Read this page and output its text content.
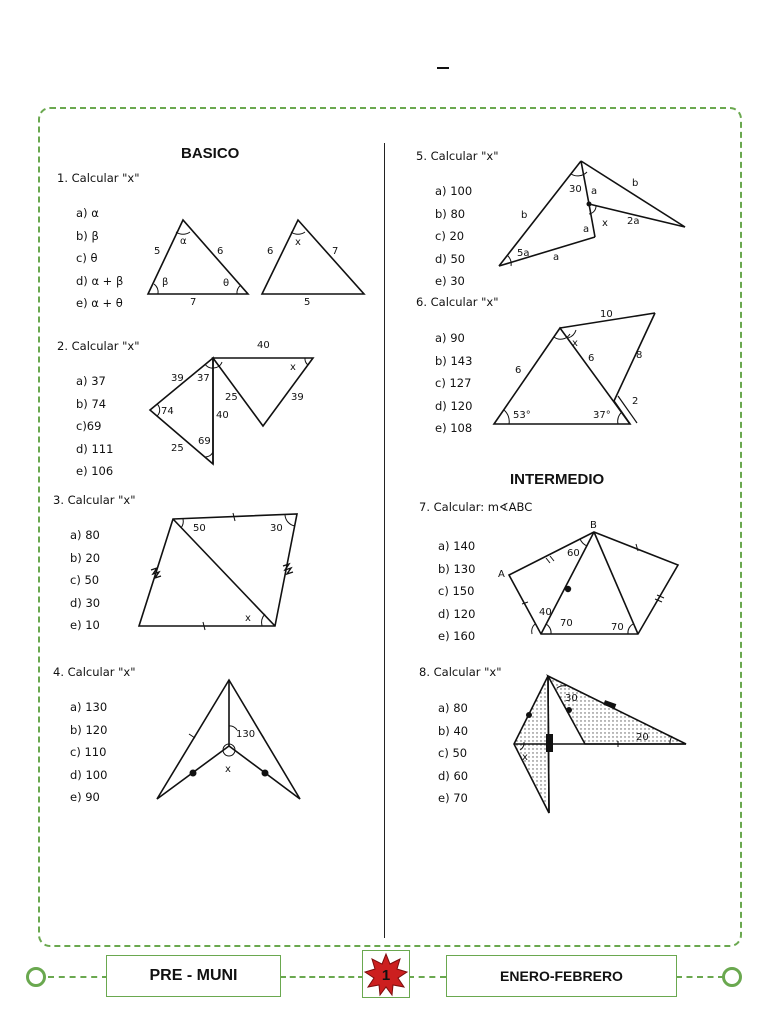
BASICO
INTERMEDIO
1. Calcular "x"
a) α
b) β
c) θ
d) α + β
e) α + θ
5	6
7
α
β	θ
6	7
5
x
2. Calcular "x"
a) 37
b) 74
c)69
d) 111
e) 106
40
39 37
74
25
40
69
25
39
x
3. Calcular "x"
a) 80
b) 20
c) 50
d) 30
e) 10
50	30
x
4. Calcular "x"
a) 130
b) 120
c) 110
d) 100
e) 90
130
x
5. Calcular "x"
a) 100
b) 80
c) 20
d) 50
e) 30
30 a
b
b
x 2a
a
5a a
6. Calcular "x"
a) 90
b) 143
c) 127
d) 120
e) 108
10
x
6
6	8
2
53°	37°
7. Calcular: m∢ABC
a) 140
b) 130
c) 150
d) 120
e) 160
B
A
60
40
70	70
8. Calcular "x"
a) 80
b) 40
c) 50
d) 60
e) 70
30
20
x
PRE - MUNI	ENERO-FEBRERO
1
